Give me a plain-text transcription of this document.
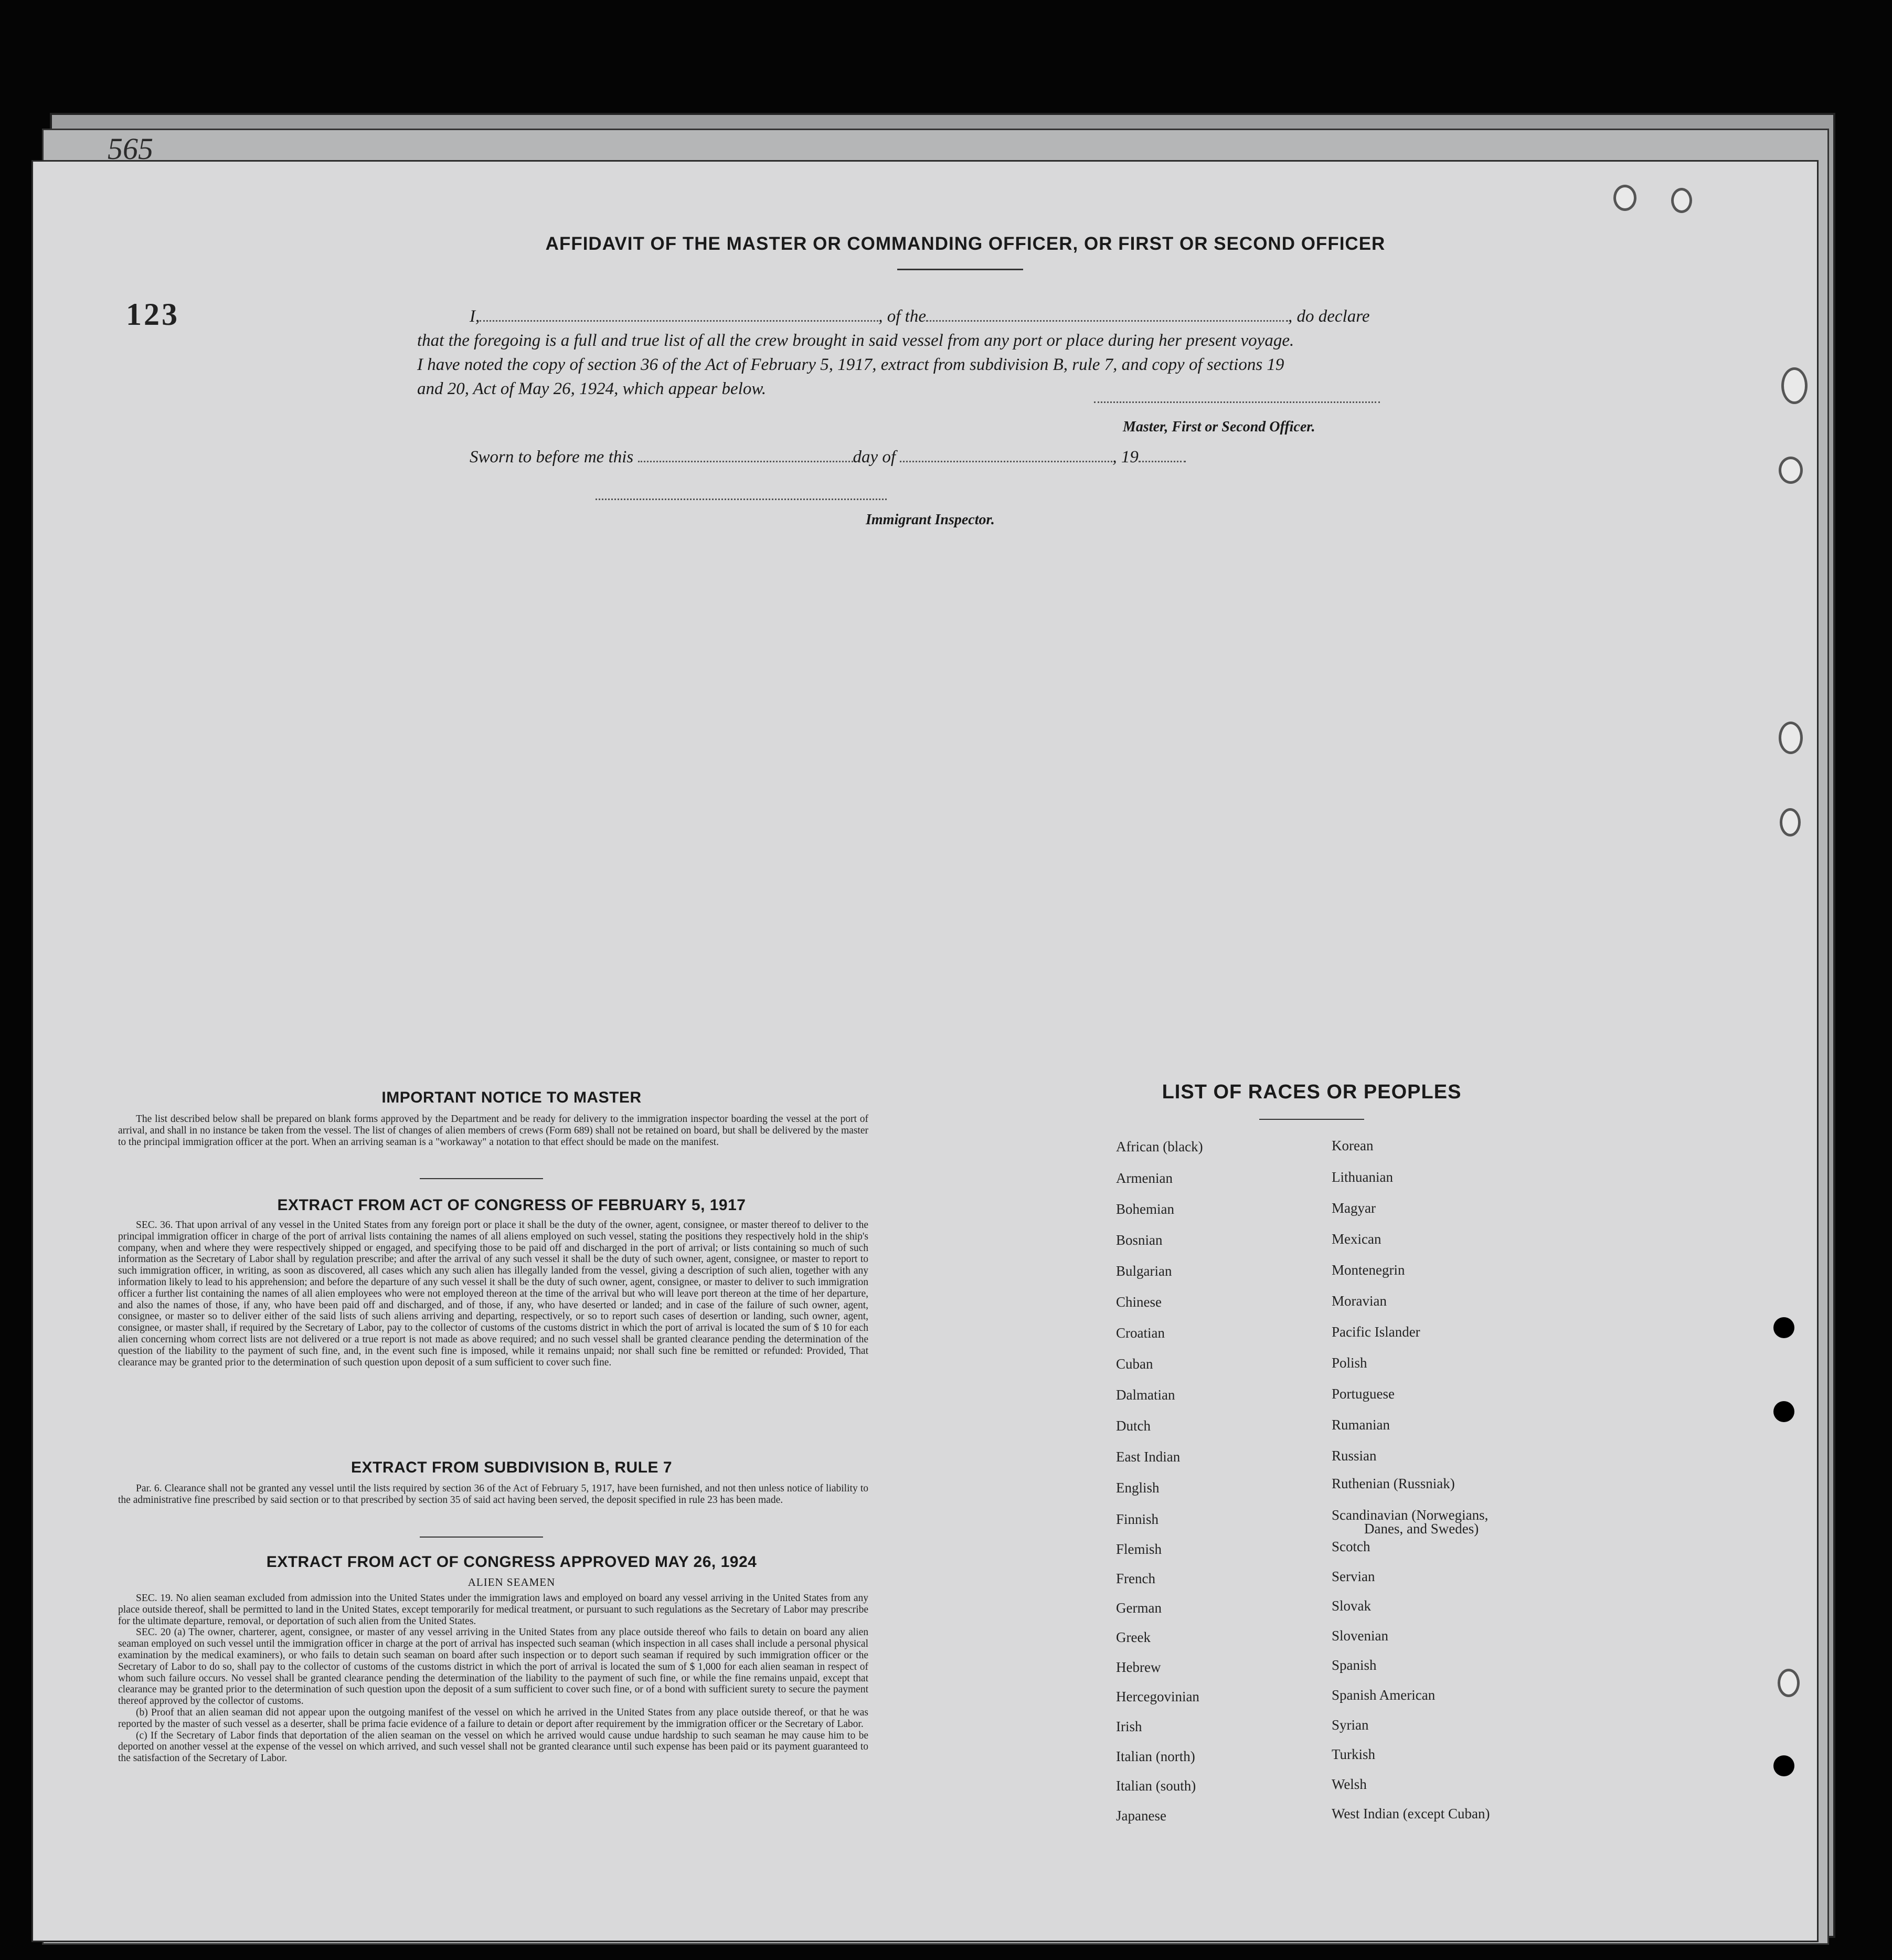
565
123
AFFIDAVIT OF THE MASTER OR COMMANDING OFFICER, OR FIRST OR SECOND OFFICER
I,	, of the	, do declare
that the foregoing is a full and true list of all the crew brought in said vessel from any port or place during her present voyage.
I have noted the copy of section 36 of the Act of February 5, 1917, extract from subdivision B, rule 7, and copy of sections 19
and 20, Act of May 26, 1924, which appear below.
Master, First or Second Officer.
Sworn to before me this	day of	, 19
Immigrant Inspector.
IMPORTANT NOTICE TO MASTER

The list described below shall be prepared on blank forms approved by the Department and be ready for delivery to the immigration inspector boarding the vessel at the port of arrival, and shall in no instance be taken from the vessel. The list of changes of alien members of crews (Form 689) shall not be retained on board, but shall be delivered by the master to the principal immigration officer at the port. When an arriving seaman is a "workaway" a notation to that effect should be made on the manifest.

EXTRACT FROM ACT OF CONGRESS OF FEBRUARY 5, 1917

SEC. 36. That upon arrival of any vessel in the United States from any foreign port or place it shall be the duty of the owner, agent, consignee, or master thereof to deliver to the principal immigration officer in charge of the port of arrival lists containing the names of all aliens employed on such vessel, stating the positions they respectively hold in the ship's company, when and where they were respectively shipped or engaged, and specifying those to be paid off and discharged in the port of arrival; or lists containing so much of such information as the Secretary of Labor shall by regulation prescribe; and after the arrival of any such vessel it shall be the duty of such owner, agent, consignee, or master to report to such immigration officer, in writing, as soon as discovered, all cases which any such alien has illegally landed from the vessel, giving a description of such alien, together with any information likely to lead to his apprehension; and before the departure of any such vessel it shall be the duty of such owner, agent, consignee, or master to deliver to such immigration officer a further list containing the names of all alien employees who were not employed thereon at the time of the arrival but who will leave port thereon at the time of her departure, and also the names of those, if any, who have been paid off and discharged, and of those, if any, who have deserted or landed; and in case of the failure of such owner, agent, consignee, or master so to deliver either of the said lists of such aliens arriving and departing, respectively, or so to report such cases of desertion or landing, such owner, agent, consignee, or master shall, if required by the Secretary of Labor, pay to the collector of customs of the customs district in which the port of arrival is located the sum of $ 10 for each alien concerning whom correct lists are not delivered or a true report is not made as above required; and no such vessel shall be granted clearance pending the determination of the question of the liability to the payment of such fine, and, in the event such fine is imposed, while it remains unpaid; nor shall such fine be remitted or refunded: Provided, That clearance may be granted prior to the determination of such question upon deposit of a sum sufficient to cover such fine.

EXTRACT FROM SUBDIVISION B, RULE 7

Par. 6. Clearance shall not be granted any vessel until the lists required by section 36 of the Act of February 5, 1917, have been furnished, and not then unless notice of liability to the administrative fine prescribed by said section or to that prescribed by section 35 of said act having been served, the deposit specified in rule 23 has been made.

EXTRACT FROM ACT OF CONGRESS APPROVED MAY 26, 1924
ALIEN SEAMEN

SEC. 19. No alien seaman excluded from admission into the United States under the immigration laws and employed on board any vessel arriving in the United States from any place outside thereof, shall be permitted to land in the United States, except temporarily for medical treatment, or pursuant to such regulations as the Secretary of Labor may prescribe for the ultimate departure, removal, or deportation of such alien from the United States.

SEC. 20 (a) The owner, charterer, agent, consignee, or master of any vessel arriving in the United States from any place outside thereof who fails to detain on board any alien seaman employed on such vessel until the immigration officer in charge at the port of arrival has inspected such seaman (which inspection in all cases shall include a personal physical examination by the medical examiners), or who fails to detain such seaman on board after such inspection or to deport such seaman if required by such immigration officer or the Secretary of Labor to do so, shall pay to the collector of customs of the customs district in which the port of arrival is located the sum of $ 1,000 for each alien seaman in respect of whom such failure occurs. No vessel shall be granted clearance pending the determination of the liability to the payment of such fine, or while the fine remains unpaid, except that clearance may be granted prior to the determination of such question upon the deposit of a sum sufficient to cover such fine, or of a bond with sufficient surety to secure the payment thereof approved by the collector of customs.

(b) Proof that an alien seaman did not appear upon the outgoing manifest of the vessel on which he arrived in the United States from any place outside thereof, or that he was reported by the master of such vessel as a deserter, shall be prima facie evidence of a failure to detain or deport after requirement by the immigration officer or the Secretary of Labor.

(c) If the Secretary of Labor finds that deportation of the alien seaman on the vessel on which he arrived would cause undue hardship to such seaman he may cause him to be deported on another vessel at the expense of the vessel on which arrived, and such vessel shall not be granted clearance until such expense has been paid or its payment guaranteed to the satisfaction of the Secretary of Labor.

LIST OF RACES OR PEOPLES
African (black)
Armenian
Bohemian
Bosnian
Bulgarian
Chinese
Croatian
Cuban
Dalmatian
Dutch
East Indian
English
Finnish
Flemish
French
German
Greek
Hebrew
Hercegovinian
Irish
Italian (north)
Italian (south)
Japanese
Korean
Lithuanian
Magyar
Mexican
Montenegrin
Moravian
Pacific Islander
Polish
Portuguese
Rumanian
Russian
Ruthenian (Russniak)
Scandinavian (Norwegians,
Danes, and Swedes)
Scotch
Servian
Slovak
Slovenian
Spanish
Spanish American
Syrian
Turkish
Welsh
West Indian (except Cuban)
